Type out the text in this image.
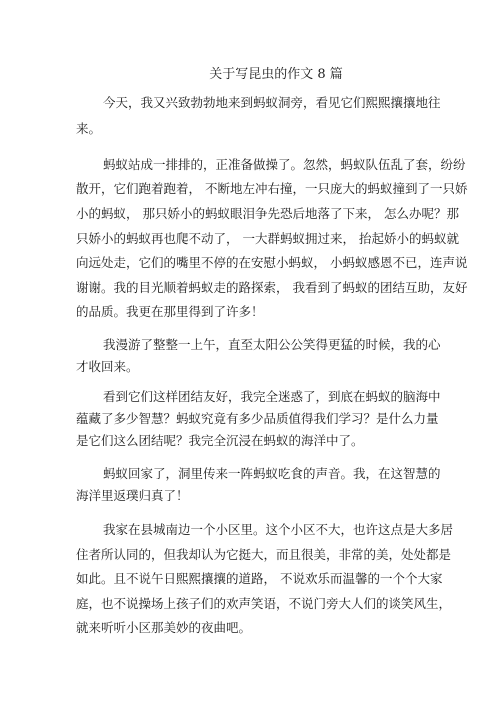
关于写昆虫的作文 8 篇
今天，我又兴致勃勃地来到蚂蚁洞旁，看见它们熙熙攘攘地往
来。
蚂蚁站成一排排的，正准备做操了。忽然，蚂蚁队伍乱了套，纷纷
散开，它们跑着跑着， 不断地左冲右撞，一只庞大的蚂蚁撞到了一只娇
小的蚂蚁， 那只娇小的蚂蚁眼泪争先恐后地落了下来， 怎么办呢？那
只娇小的蚂蚁再也爬不动了， 一大群蚂蚁拥过来， 抬起娇小的蚂蚁就
向远处走，它们的嘴里不停的在安慰小蚂蚁， 小蚂蚁感恩不已，连声说
谢谢。我的目光顺着蚂蚁走的路探索， 我看到了蚂蚁的团结互助，友好
的品质。我更在那里得到了许多！
我漫游了整整一上午，直至太阳公公笑得更猛的时候，我的心
才收回来。
看到它们这样团结友好，我完全迷惑了，到底在蚂蚁的脑海中
蕴藏了多少智慧？蚂蚁究竟有多少品质值得我们学习？是什么力量
是它们这么团结呢？我完全沉浸在蚂蚁的海洋中了。
蚂蚁回家了，洞里传来一阵蚂蚁吃食的声音。我，在这智慧的
海洋里返璞归真了！
我家在县城南边一个小区里。这个小区不大，也许这点是大多居
住者所认同的，但我却认为它挺大，而且很美，非常的美，处处都是
如此。且不说午日熙熙攘攘的道路， 不说欢乐而温馨的一个个大家
庭，也不说操场上孩子们的欢声笑语，不说门旁大人们的谈笑风生，
就来听听小区那美妙的夜曲吧。
